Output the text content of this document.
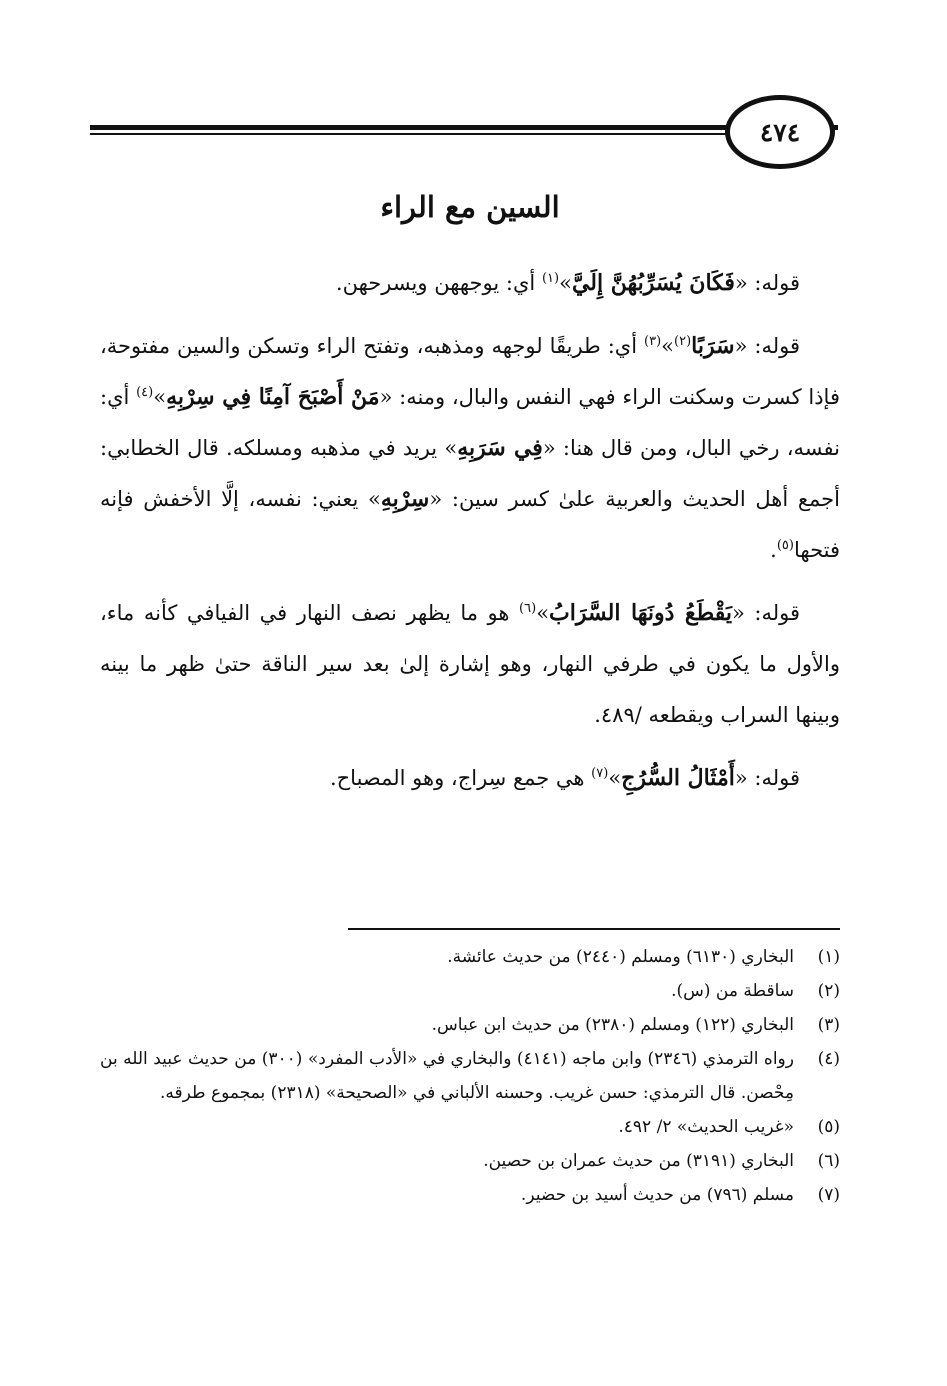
٤٧٤
السين مع الراء

قوله: «فَكَانَ يُسَرِّبُهُنَّ إِلَيَّ»$^{(١)}$ أي: يوجههن ويسرحهن.

قوله: «سَرَبًا$^{(٢)}$»$^{(٣)}$ أي: طريقًا لوجهه ومذهبه، وتفتح الراء وتسكن والسين مفتوحة، فإذا كسرت وسكنت الراء فهي النفس والبال، ومنه: «مَنْ أَصْبَحَ آمِنًا فِي سِرْبِهِ»$^{(٤)}$ أي: نفسه، رخي البال، ومن قال هنا: «فِي سَرَبِهِ» يريد في مذهبه ومسلكه. قال الخطابي: أجمع أهل الحديث والعربية علىٰ كسر سين: «سِرْبِهِ» يعني: نفسه، إلَّا الأخفش فإنه فتحها$^{(٥)}$.

قوله: «يَقْطَعُ دُونَهَا السَّرَابُ»$^{(٦)}$ هو ما يظهر نصف النهار في الفيافي كأنه ماء، والأول ما يكون في طرفي النهار، وهو إشارة إلىٰ بعد سير الناقة حتىٰ ظهر ما بينه وبينها السراب ويقطعه /٤٨٩.

قوله: «أَمْثَالُ السُّرُجِ»$^{(٧)}$ هي جمع سِراج، وهو المصباح.

(١)
البخاري (٦١٣٠) ومسلم (٢٤٤٠) من حديث عائشة.
(٢)
ساقطة من (س).
(٣)
البخاري (١٢٢) ومسلم (٢٣٨٠) من حديث ابن عباس.
(٤)
رواه الترمذي (٢٣٤٦) وابن ماجه (٤١٤١) والبخاري في «الأدب المفرد» (٣٠٠) من حديث عبيد الله بن مِحْصن. قال الترمذي: حسن غريب. وحسنه الألباني في «الصحيحة» (٢٣١٨) بمجموع طرقه.
(٥)
«غريب الحديث» ٢/ ٤٩٢.
(٦)
البخاري (٣١٩١) من حديث عمران بن حصين.
(٧)
مسلم (٧٩٦) من حديث أسيد بن حضير.
